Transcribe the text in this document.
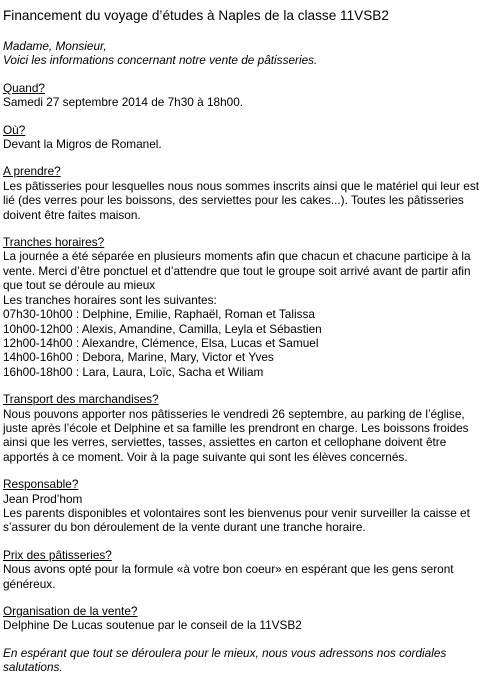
Financement du voyage d’études à Naples de la classe 11VSB2
Madame, Monsieur,
Voici les informations concernant notre vente de pâtisseries.
Quand?
Samedi 27 septembre 2014 de 7h30 à 18h00.
Où?
Devant la Migros de Romanel.
A prendre?
Les pâtisseries pour lesquelles nous nous sommes inscrits ainsi que le matériel qui leur est lié (des verres pour les boissons, des serviettes pour les cakes...). Toutes les pâtisseries doivent être faites maison.
Tranches horaires?
La journée a été séparée en plusieurs moments afin que chacun et chacune participe à la vente. Merci d’être ponctuel et d’attendre que tout le groupe soit arrivé avant de partir afin que tout se déroule au mieux
Les tranches horaires sont les suivantes:
07h30-10h00 : Delphine, Emilie, Raphaël, Roman et Talissa
10h00-12h00 : Alexis, Amandine, Camilla, Leyla et Sébastien
12h00-14h00 : Alexandre, Clémence, Elsa, Lucas et Samuel
14h00-16h00 : Debora, Marine, Mary, Victor et Yves
16h00-18h00 : Lara, Laura, Loïc, Sacha et Wiliam
Transport des marchandises?
Nous pouvons apporter nos pâtisseries le vendredi 26 septembre, au parking de l’église, juste après l’école et Delphine et sa famille les prendront en charge. Les boissons froides ainsi que les verres, serviettes, tasses, assiettes en carton et cellophane doivent être apportés à ce moment. Voir à la page suivante qui sont les élèves concernés.
Responsable?
Jean Prod’hom
Les parents disponibles et volontaires sont les bienvenus pour venir surveiller la caisse et s’assurer du bon déroulement de la vente durant une tranche horaire.
Prix des pâtisseries?
Nous avons opté pour la formule «à votre bon coeur» en espérant que les gens seront généreux.
Organisation de la vente?
Delphine De Lucas soutenue par le conseil de la 11VSB2
En espérant que tout se déroulera pour le mieux, nous vous adressons nos cordiales salutations.
